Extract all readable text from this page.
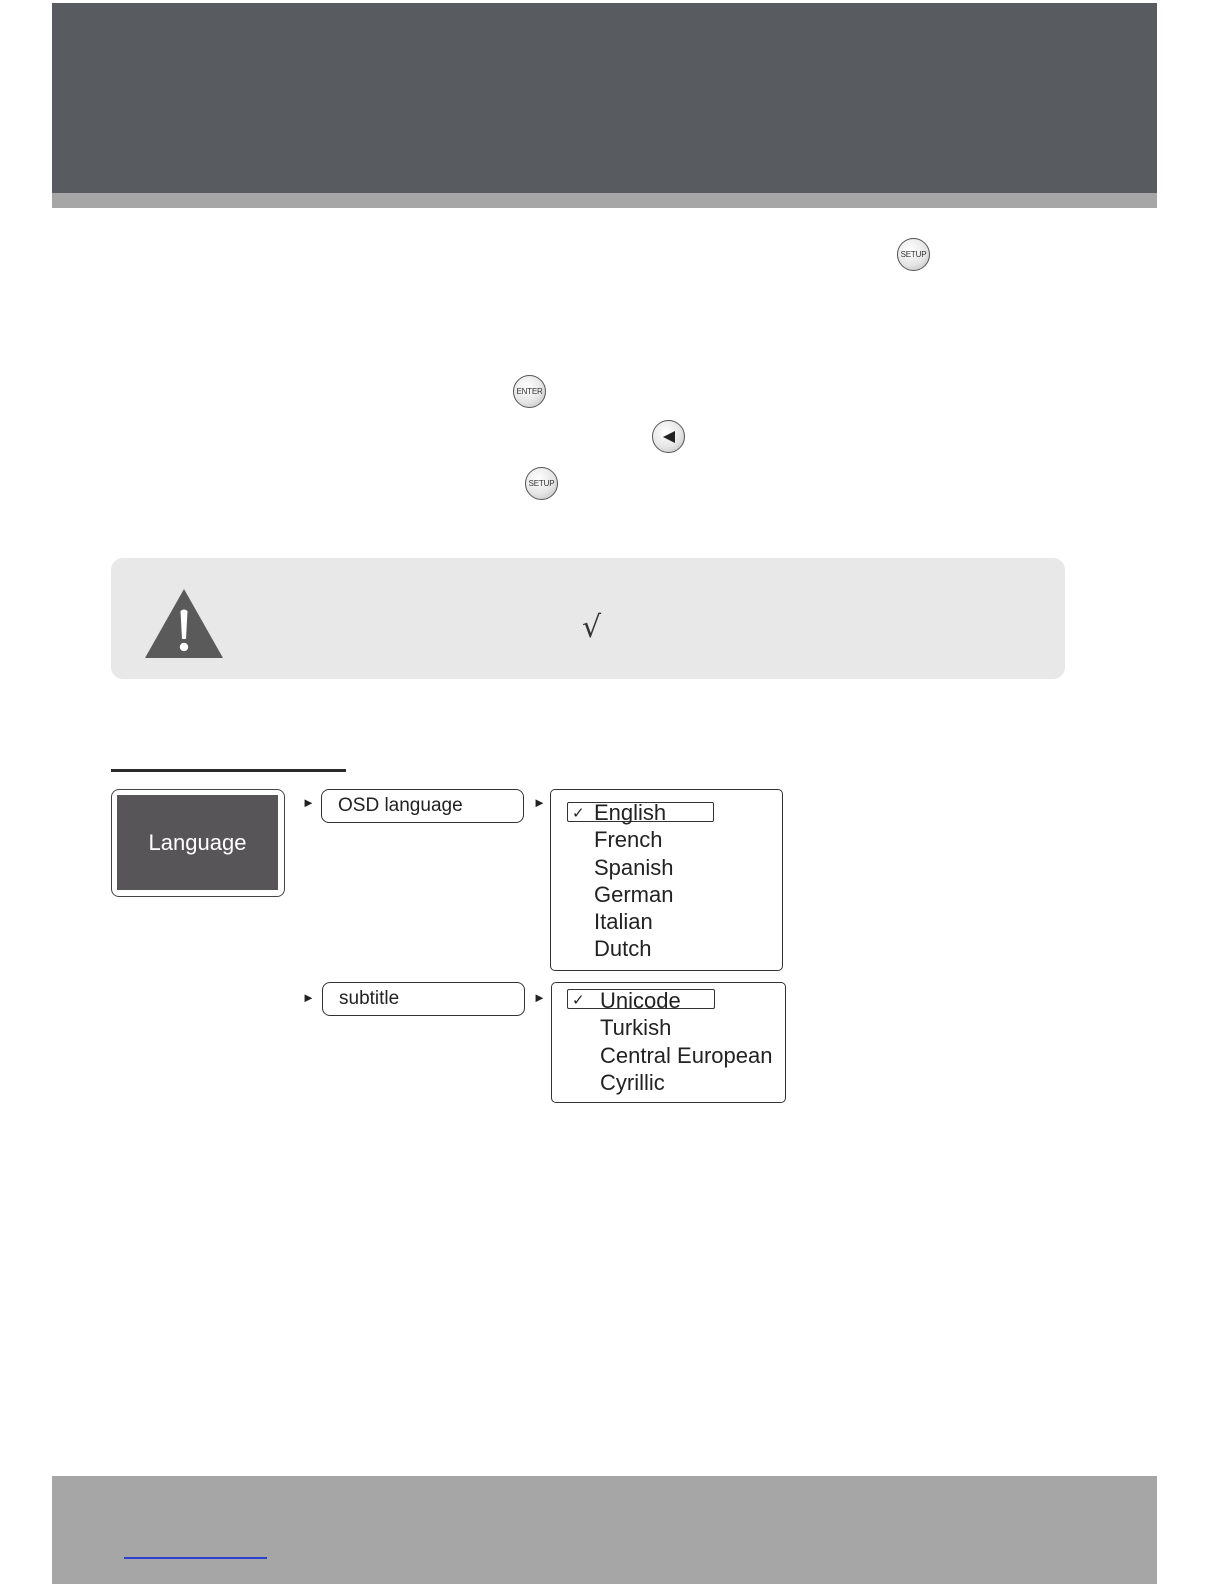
SETUP
ENTER
SETUP
√
Language
►	OSD language	►
✓ English
French
Spanish
German
Italian
Dutch
►	subtitle	► ✓ Unicode
Turkish
Central European
Cyrillic
